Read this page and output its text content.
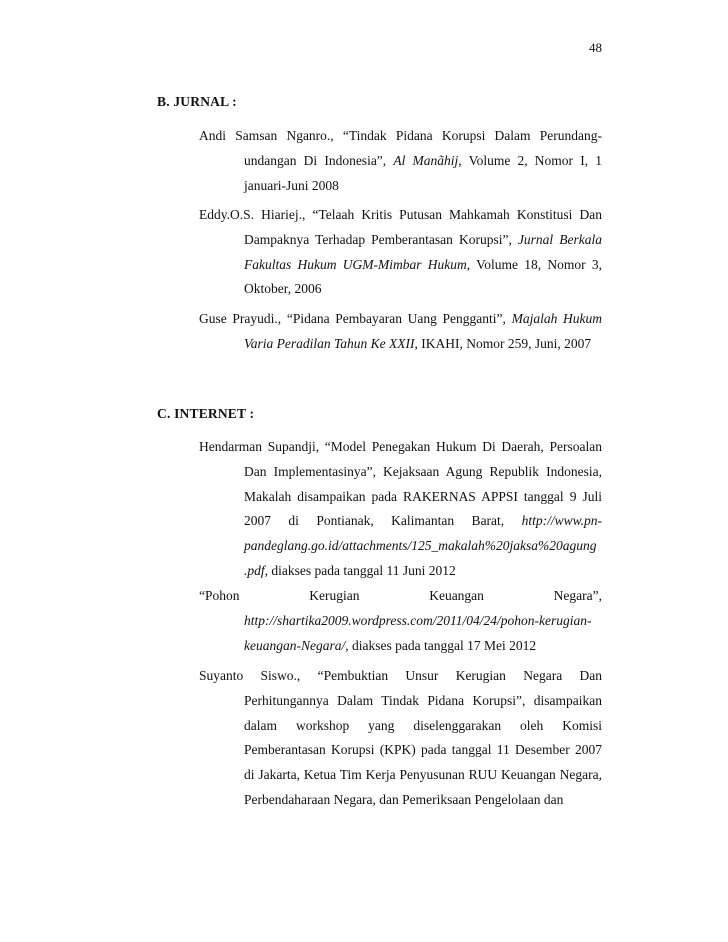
48
B. JURNAL :
Andi Samsan Nganro., “Tindak Pidana Korupsi Dalam Perundang-
undangan Di Indonesia”, Al Manãhij, Volume 2, Nomor I, 1
januari-Juni 2008
Eddy.O.S. Hiariej., “Telaah Kritis Putusan Mahkamah Konstitusi Dan
Dampaknya Terhadap Pemberantasan Korupsi”, Jurnal Berkala
Fakultas Hukum UGM-Mimbar Hukum, Volume 18, Nomor 3,
Oktober, 2006
Guse Prayudi., “Pidana Pembayaran Uang Pengganti”, Majalah Hukum
Varia Peradilan Tahun Ke XXII, IKAHI, Nomor 259, Juni, 2007
C. INTERNET :
Hendarman Supandji, “Model Penegakan Hukum Di Daerah, Persoalan
Dan Implementasinya”, Kejaksaan Agung Republik Indonesia,
Makalah disampaikan pada RAKERNAS APPSI tanggal 9 Juli
2007 di Pontianak, Kalimantan Barat, http://www.pn-
pandeglang.go.id/attachments/125_makalah%20jaksa%20agung
.pdf, diakses pada tanggal 11 Juni 2012
“Pohon Kerugian Keuangan Negara”,
http://shartika2009.wordpress.com/2011/04/24/pohon-kerugian-
keuangan-Negara/, diakses pada tanggal 17 Mei 2012
Suyanto Siswo., “Pembuktian Unsur Kerugian Negara Dan
Perhitungannya Dalam Tindak Pidana Korupsi”, disampaikan
dalam workshop yang diselenggarakan oleh Komisi
Pemberantasan Korupsi (KPK) pada tanggal 11 Desember 2007
di Jakarta, Ketua Tim Kerja Penyusunan RUU Keuangan Negara,
Perbendaharaan Negara, dan Pemeriksaan Pengelolaan dan
